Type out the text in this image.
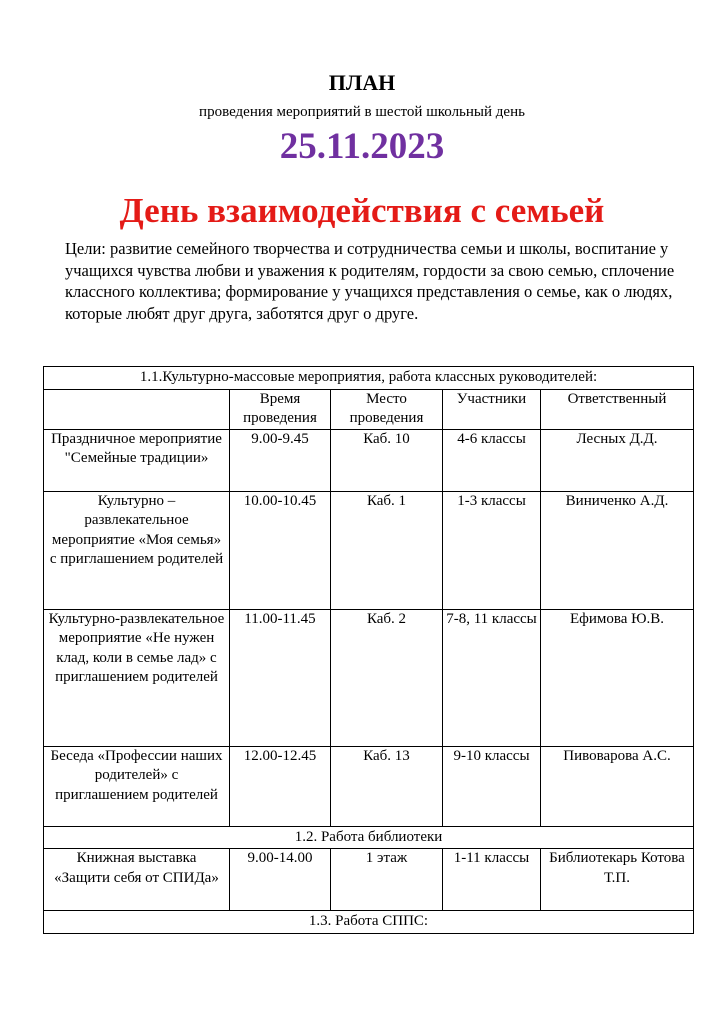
ПЛАН
проведения мероприятий в шестой школьный день
25.11.2023
День взаимодействия с семьей

Цели: развитие семейного творчества и сотрудничества семьи и школы, воспитание у учащихся чувства любви и уважения к родителям, гордости за свою семью, сплочение классного коллектива; формирование у учащихся представления о семье, как о людях, которые любят друг друга, заботятся друг о друге.

1.1.Культурно-массовые мероприятия, работа классных руководителей:				
	Время проведения	Место проведения	Участники	Ответственный
Праздничное мероприятие "Семейные традиции»	9.00-9.45	Каб. 10	4-6 классы	Лесных Д.Д.
Культурно – развлекательное мероприятие «Моя семья» с приглашением родителей	10.00-10.45	Каб. 1	1-3 классы	Виниченко А.Д.
Культурно-развлекательное мероприятие «Не нужен клад, коли в семье лад» с приглашением родителей	11.00-11.45	Каб. 2	7-8, 11 классы	Ефимова Ю.В.
Беседа «Профессии наших родителей» с приглашением родителей	12.00-12.45	Каб. 13	9-10 классы	Пивоварова А.С.
1.2. Работа библиотеки				
Книжная выставка «Защити себя от СПИДа»	9.00-14.00	1 этаж	1-11 классы	Библиотекарь Котова Т.П.
1.3. Работа СППС:				
